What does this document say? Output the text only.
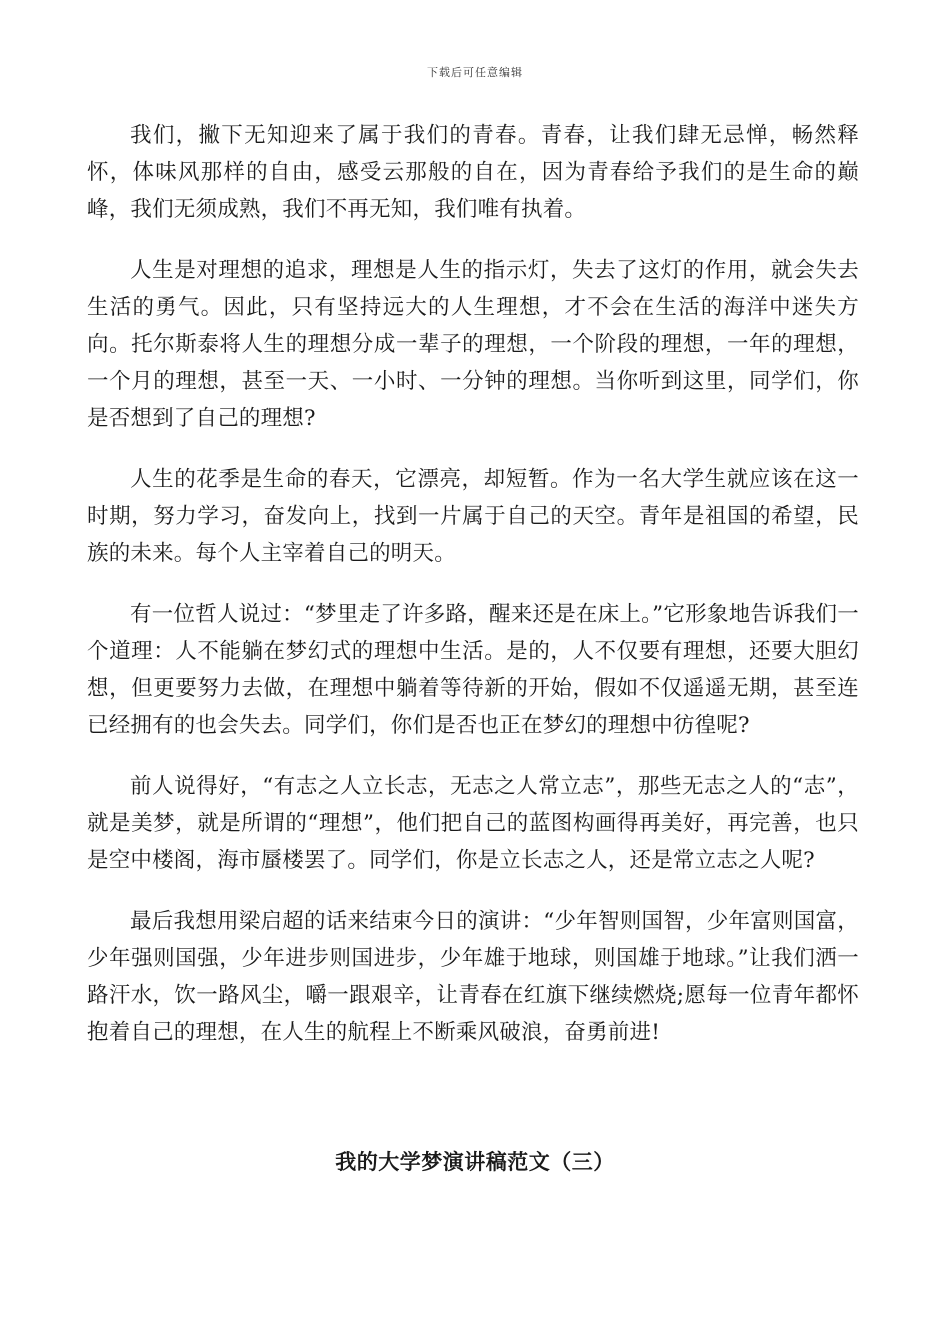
下载后可任意编辑

我们，撇下无知迎来了属于我们的青春。青春，让我们肆无忌惮，畅然释怀，体味风那样的自由，感受云那般的自在，因为青春给予我们的是生命的巅峰，我们无须成熟，我们不再无知，我们唯有执着。

人生是对理想的追求，理想是人生的指示灯，失去了这灯的作用，就会失去生活的勇气。因此，只有坚持远大的人生理想，才不会在生活的海洋中迷失方向。托尔斯泰将人生的理想分成一辈子的理想，一个阶段的理想，一年的理想，一个月的理想，甚至一天、一小时、一分钟的理想。当你听到这里，同学们，你是否想到了自己的理想?

人生的花季是生命的春天，它漂亮，却短暂。作为一名大学生就应该在这一时期，努力学习，奋发向上，找到一片属于自己的天空。青年是祖国的希望，民族的未来。每个人主宰着自己的明天。

有一位哲人说过：“梦里走了许多路，醒来还是在床上。”它形象地告诉我们一个道理：人不能躺在梦幻式的理想中生活。是的，人不仅要有理想，还要大胆幻想，但更要努力去做，在理想中躺着等待新的开始，假如不仅遥遥无期，甚至连已经拥有的也会失去。同学们，你们是否也正在梦幻的理想中彷徨呢?

前人说得好，“有志之人立长志，无志之人常立志”，那些无志之人的“志”，就是美梦，就是所谓的“理想”，他们把自己的蓝图构画得再美好，再完善，也只是空中楼阁，海市蜃楼罢了。同学们，你是立长志之人，还是常立志之人呢?

最后我想用梁启超的话来结束今日的演讲：“少年智则国智，少年富则国富，少年强则国强，少年进步则国进步，少年雄于地球，则国雄于地球。”让我们洒一路汗水，饮一路风尘，嚼一跟艰辛，让青春在红旗下继续燃烧;愿每一位青年都怀抱着自己的理想，在人生的航程上不断乘风破浪，奋勇前进!

我的大学梦演讲稿范文（三）
